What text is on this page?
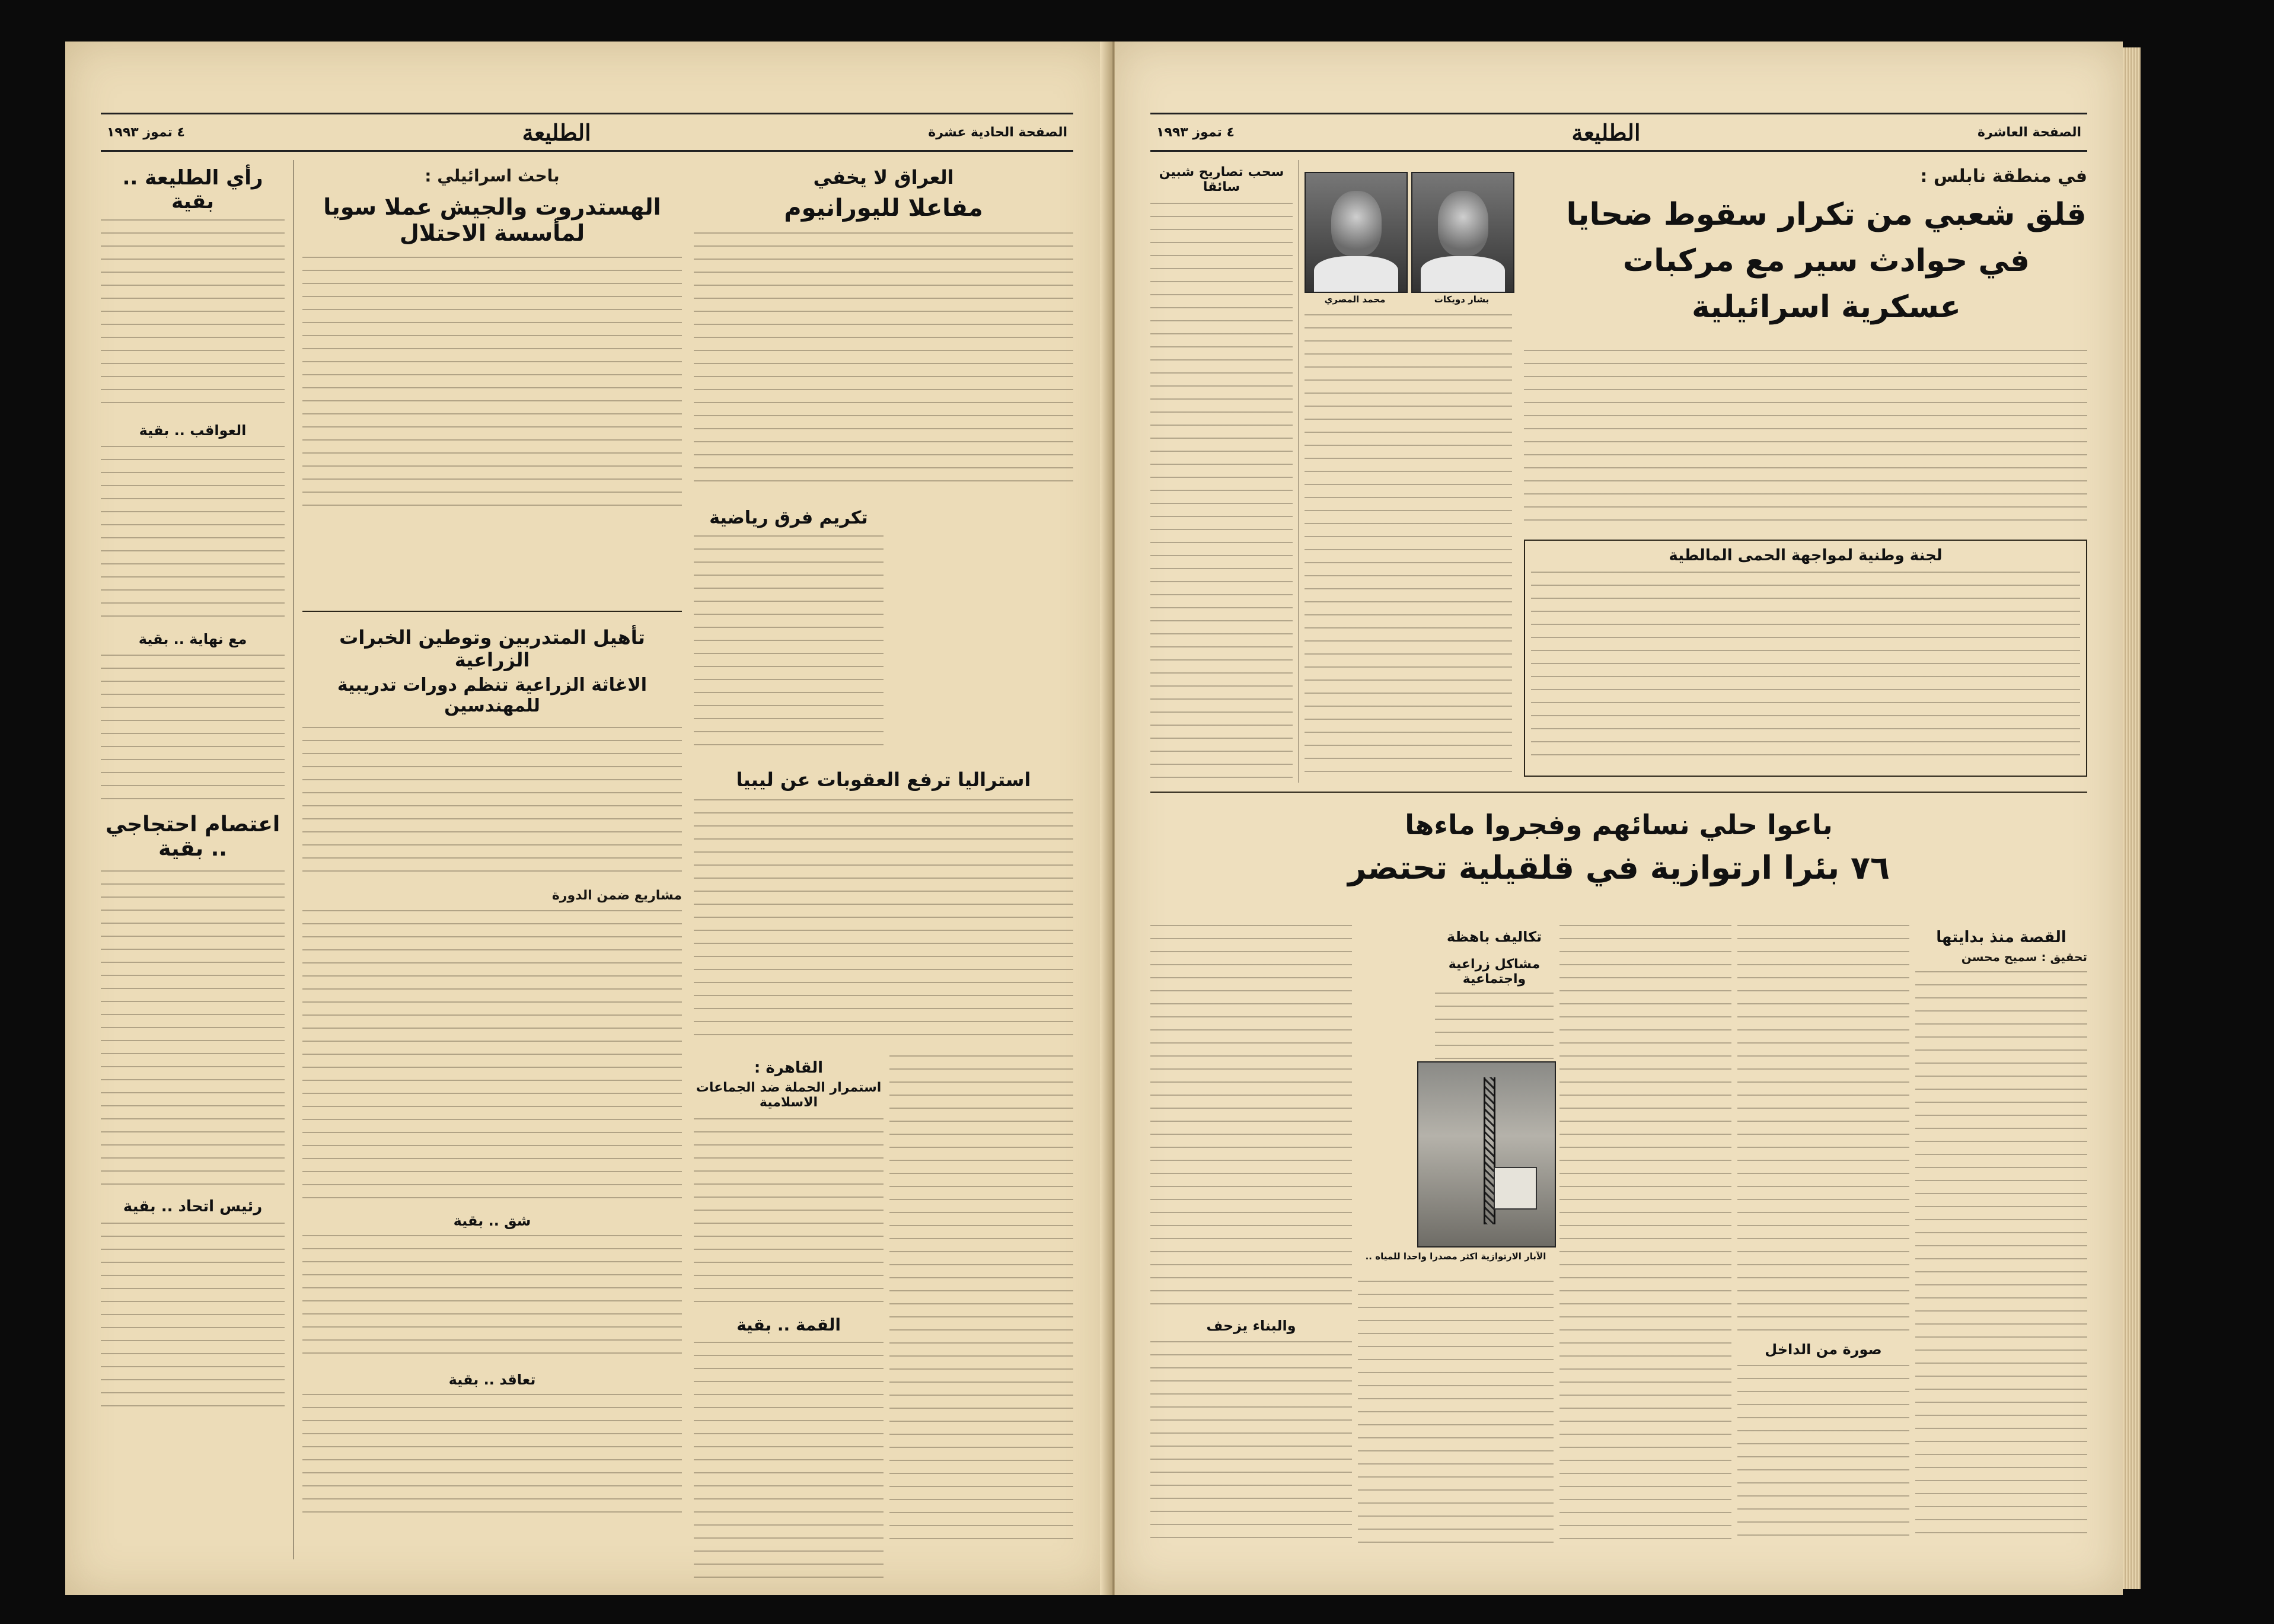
الصفحة الحادية عشرة
الطليعة
٤ تموز ١٩٩٣
رأي الطليعة .. بقية
العواقب .. بقية
مع نهاية .. بقية
اعتصام احتجاجي .. بقية
رئيس اتحاد .. بقية
باحث اسرائيلي :
الهستدروت والجيش عملا سويا لمأسسة الاحتلال
العراق لا يخفي
مفاعلا لليورانيوم
تأهيل المتدربين وتوطين الخبرات الزراعية
الاغاثة الزراعية تنظم دورات تدريبية للمهندسين
مشاريع ضمن الدورة
شق .. بقية
تعاقد .. بقية
تكريم فرق رياضية
استراليا ترفع العقوبات عن ليبيا
القاهرة :
استمرار الحملة ضد الجماعات الاسلامية
القمة .. بقية
الصفحة العاشرة
الطليعة
٤ تموز ١٩٩٣
في منطقة نابلس :
قلق شعبي من تكرار سقوط ضحايا في حوادث سير مع مركبات عسكرية اسرائيلية
محمد المصري	بشار دويكات
سحب تصاريح شبين سائقا
لجنة وطنية لمواجهة الحمى المالطية
باعوا حلي نسائهم وفجروا ماءها
٧٦ بئرا ارتوازية في قلقيلية تحتضر
القصة منذ بدايتها
تحقيق : سميح محسن
صورة من الداخل
تكاليف باهظة
مشاكل زراعية واجتماعية
الآبار الارتوازية اكثر مصدرا واحدا للمياه ..
والبناء يزحف
